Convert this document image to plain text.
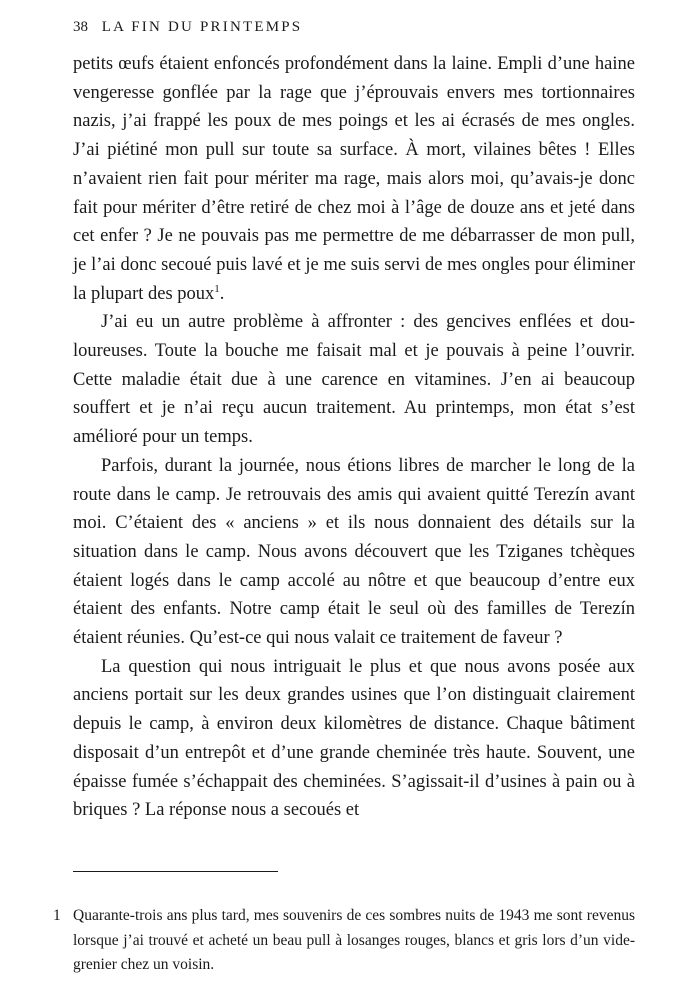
38 LA FIN DU PRINTEMPS

petits œufs étaient enfoncés profondément dans la laine. Empli d’une haine vengeresse gonflée par la rage que j’éprouvais envers mes tortionnaires nazis, j’ai frappé les poux de mes poings et les ai écrasés de mes ongles. J’ai piétiné mon pull sur toute sa surface. À mort, vilaines bêtes ! Elles n’avaient rien fait pour mériter ma rage, mais alors moi, qu’avais-je donc fait pour mériter d’être retiré de chez moi à l’âge de douze ans et jeté dans cet enfer ? Je ne pouvais pas me permettre de me débarrasser de mon pull, je l’ai donc secoué puis lavé et je me suis servi de mes ongles pour éliminer la plupart des poux$^1$.

J’ai eu un autre problème à affronter : des gencives enflées et douloureuses. Toute la bouche me faisait mal et je pouvais à peine l’ouvrir. Cette maladie était due à une carence en vitamines. J’en ai beaucoup souffert et je n’ai reçu aucun traitement. Au printemps, mon état s’est amélioré pour un temps.

Parfois, durant la journée, nous étions libres de marcher le long de la route dans le camp. Je retrouvais des amis qui avaient quitté Terezín avant moi. C’étaient des « anciens » et ils nous donnaient des détails sur la situation dans le camp. Nous avons découvert que les Tziganes tchèques étaient logés dans le camp accolé au nôtre et que beaucoup d’entre eux étaient des enfants. Notre camp était le seul où des familles de Terezín étaient réunies. Qu’est-ce qui nous valait ce traitement de faveur ?

La question qui nous intriguait le plus et que nous avons posée aux anciens portait sur les deux grandes usines que l’on distinguait clairement depuis le camp, à environ deux kilomètres de distance. Chaque bâtiment disposait d’un entrepôt et d’une grande cheminée très haute. Souvent, une épaisse fumée s’échappait des cheminées. S’agissait-il d’usines à pain ou à briques ? La réponse nous a secoués et

1 Quarante-trois ans plus tard, mes souvenirs de ces sombres nuits de 1943 me sont revenus lorsque j’ai trouvé et acheté un beau pull à losanges rouges, blancs et gris lors d’un vide-grenier chez un voisin.
